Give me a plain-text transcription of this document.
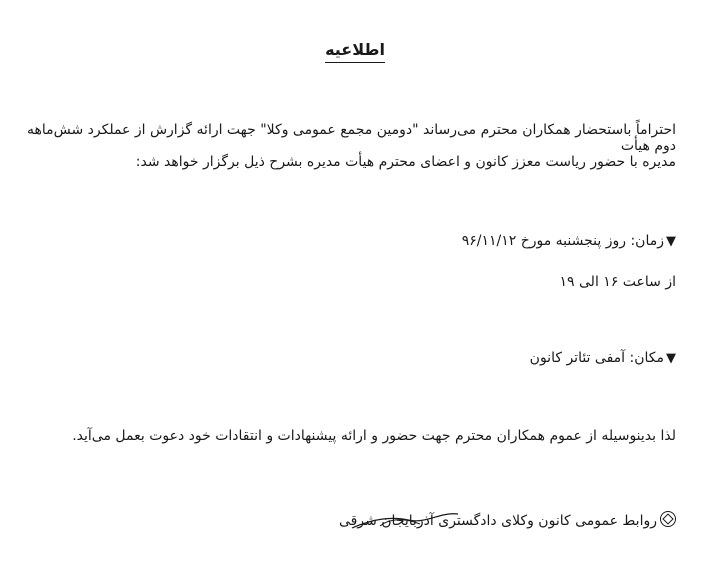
اطلاعیه
احتراماً باستحضار همکاران محترم می‌رساند "دومین مجمع عمومی وکلا" جهت ارائه گزارش از عملکرد شش‌ماهه دوم هیأت
مدیره با حضور ریاست معزز کانون و اعضای محترم هیأت مدیره بشرح ذیل برگزار خواهد شد:
▼زمان: روز پنجشنبه مورخ ۹۶/۱۱/۱۲
از ساعت ۱۶ الی ۱۹
▼مکان: آمفی تئاتر کانون
لذا بدینوسیله از عموم همکاران محترم جهت حضور و ارائه پیشنهادات و انتقادات خود دعوت بعمل می‌آید.
روابط عمومی کانون وکلای دادگستری آذربایجان شرقی
